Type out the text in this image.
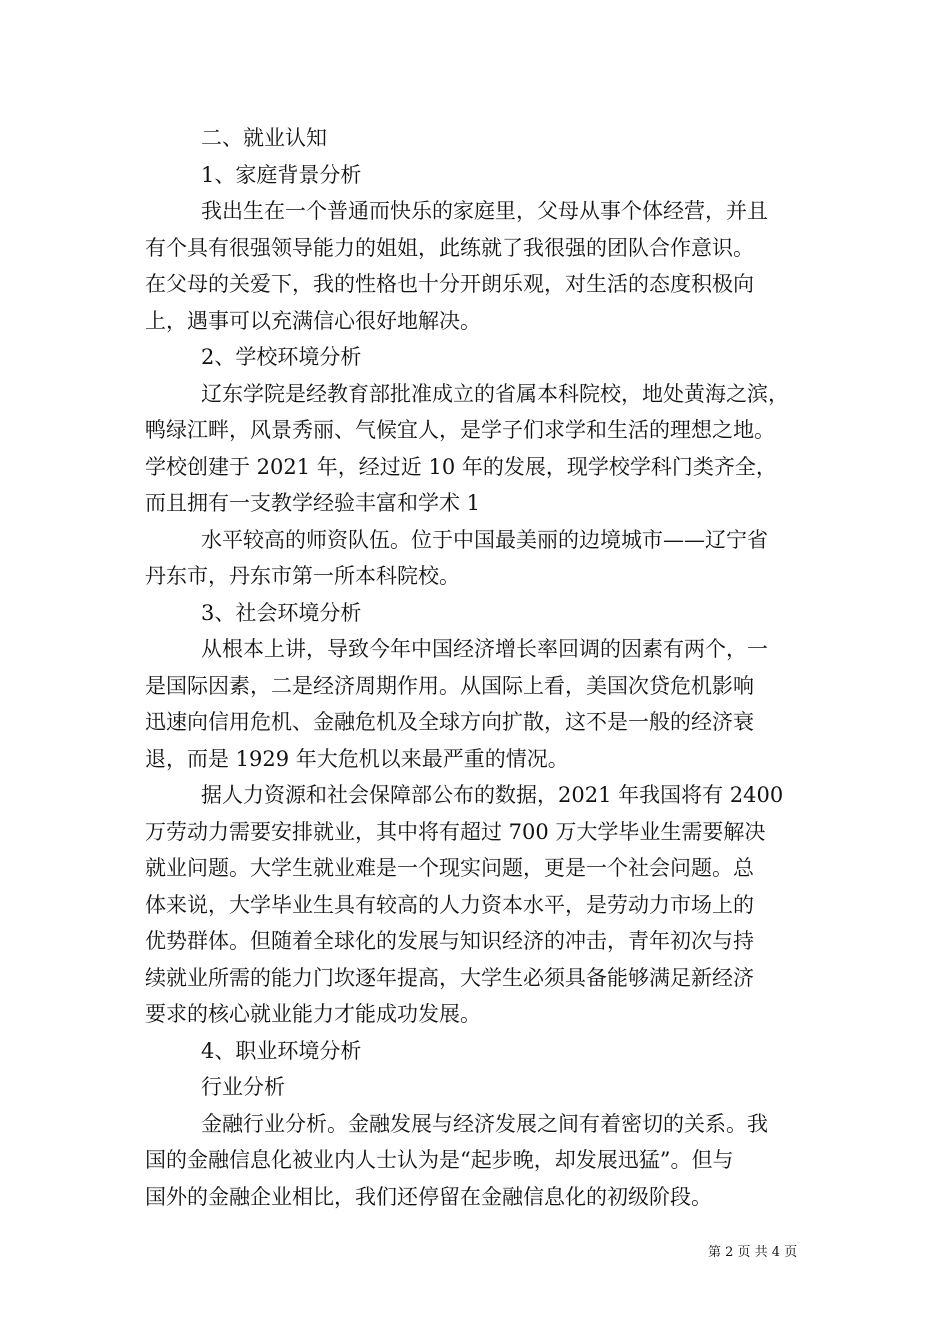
二、就业认知
1、家庭背景分析
我出生在一个普通而快乐的家庭里，父母从事个体经营，并且
有个具有很强领导能力的姐姐，此练就了我很强的团队合作意识。
在父母的关爱下，我的性格也十分开朗乐观，对生活的态度积极向
上，遇事可以充满信心很好地解决。
2、学校环境分析
辽东学院是经教育部批准成立的省属本科院校，地处黄海之滨，
鸭绿江畔，风景秀丽、气候宜人，是学子们求学和生活的理想之地。
学校创建于 2021 年，经过近 10 年的发展，现学校学科门类齐全，
而且拥有一支教学经验丰富和学术 1
水平较高的师资队伍。位于中国最美丽的边境城市——辽宁省
丹东市，丹东市第一所本科院校。
3、社会环境分析
从根本上讲，导致今年中国经济增长率回调的因素有两个，一
是国际因素，二是经济周期作用。从国际上看，美国次贷危机影响
迅速向信用危机、金融危机及全球方向扩散，这不是一般的经济衰
退，而是 1929 年大危机以来最严重的情况。
据人力资源和社会保障部公布的数据，2021 年我国将有 2400
万劳动力需要安排就业，其中将有超过 700 万大学毕业生需要解决
就业问题。大学生就业难是一个现实问题，更是一个社会问题。总
体来说，大学毕业生具有较高的人力资本水平，是劳动力市场上的
优势群体。但随着全球化的发展与知识经济的冲击，青年初次与持
续就业所需的能力门坎逐年提高，大学生必须具备能够满足新经济
要求的核心就业能力才能成功发展。
4、职业环境分析
行业分析
金融行业分析。金融发展与经济发展之间有着密切的关系。我
国的金融信息化被业内人士认为是“起步晚，却发展迅猛”。但与
国外的金融企业相比，我们还停留在金融信息化的初级阶段。
第 2 页 共 4 页
